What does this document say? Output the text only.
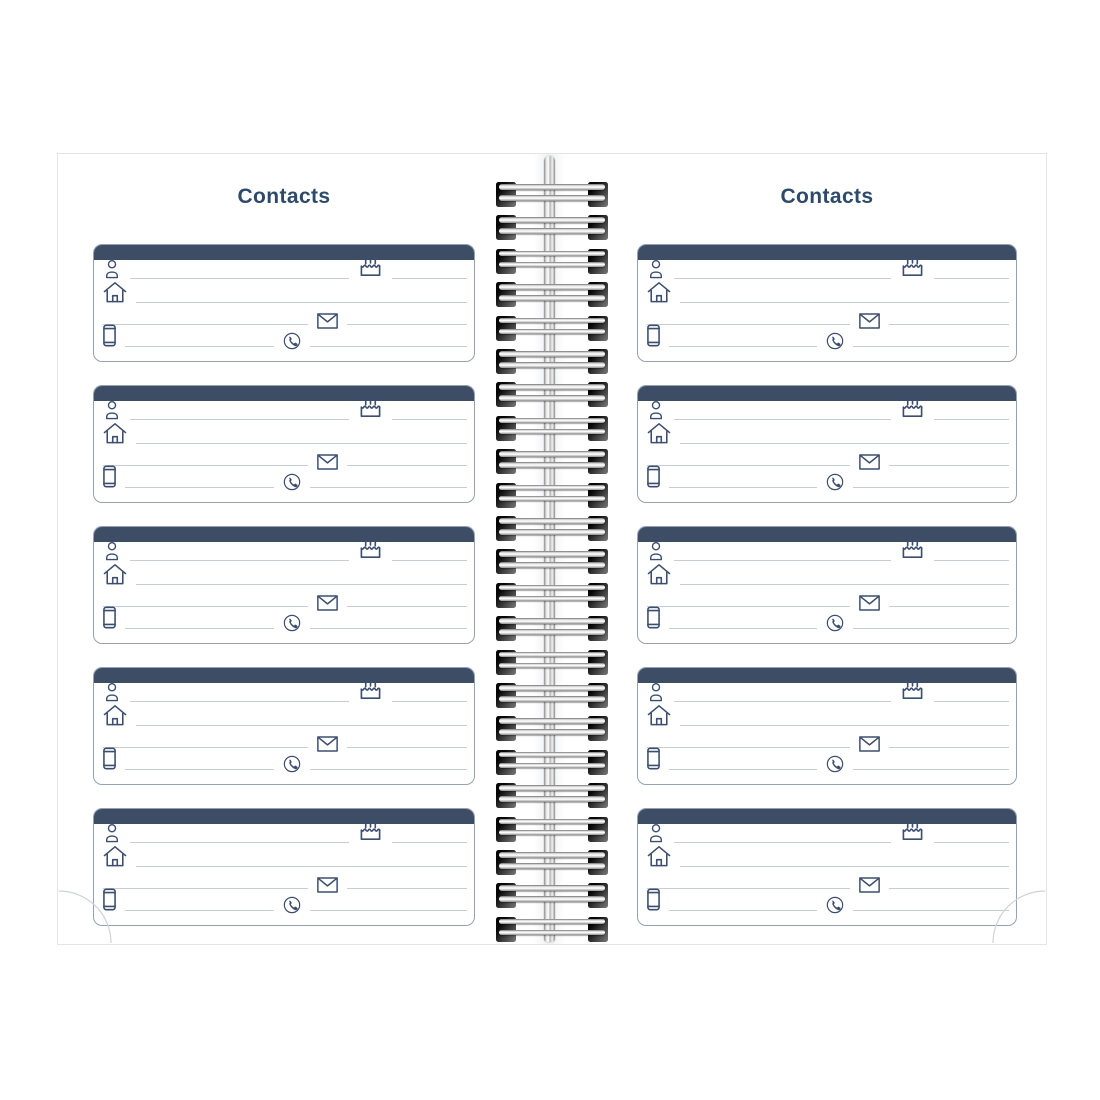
Contacts	Contacts
